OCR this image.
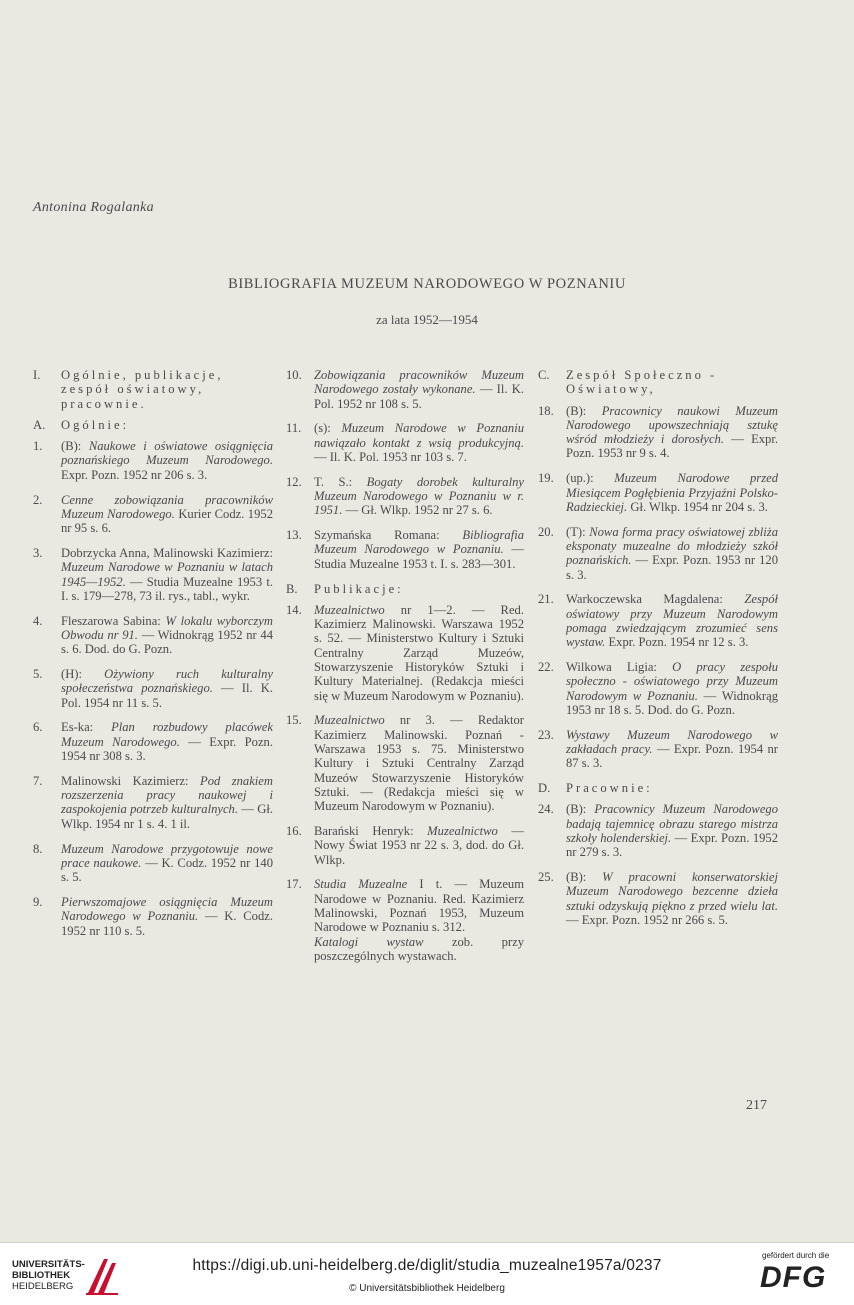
Antonina Rogalanka
BIBLIOGRAFIA MUZEUM NARODOWEGO W POZNANIU
za lata 1952—1954
I. Ogólnie, publikacje, zespół oświatowy, pracownie.
A. Ogólnie:
1. (B): Naukowe i oświatowe osiągnięcia poznańskiego Muzeum Narodowego. Expr. Pozn. 1952 nr 206 s. 3.
2. Cenne zobowiązania pracowników Muzeum Narodowego. Kurier Codz. 1952 nr 95 s. 6.
3. Dobrzycka Anna, Malinowski Kazimierz: Muzeum Narodowe w Poznaniu w latach 1945—1952. — Studia Muzealne 1953 t. I. s. 179—278, 73 il. rys., tabl., wykr.
4. Fleszarowa Sabina: W lokalu wyborczym Obwodu nr 91. — Widnokrąg 1952 nr 44 s. 6. Dod. do G. Pozn.
5. (H): Ożywiony ruch kulturalny społeczeństwa poznańskiego. — Il. K. Pol. 1954 nr 11 s. 5.
6. Es-ka: Plan rozbudowy placówek Muzeum Narodowego. — Expr. Pozn. 1954 nr 308 s. 3.
7. Malinowski Kazimierz: Pod znakiem rozszerzenia pracy naukowej i zaspokojenia potrzeb kulturalnych. — Gł. Wlkp. 1954 nr 1 s. 4. 1 il.
8. Muzeum Narodowe przygotowuje nowe prace naukowe. — K. Codz. 1952 nr 140 s. 5.
9. Pierwszomajowe osiągnięcia Muzeum Narodowego w Poznaniu. — K. Codz. 1952 nr 110 s. 5.
10. Zobowiązania pracowników Muzeum Narodowego zostały wykonane. — Il. K. Pol. 1952 nr 108 s. 5.
11. (s): Muzeum Narodowe w Poznaniu nawiązało kontakt z wsią produkcyjną. — Il. K. Pol. 1953 nr 103 s. 7.
12. T. S.: Bogaty dorobek kulturalny Muzeum Narodowego w Poznaniu w r. 1951. — Gł. Wlkp. 1952 nr 27 s. 6.
13. Szymańska Romana: Bibliografia Muzeum Narodowego w Poznaniu. — Studia Muzealne 1953 t. I. s. 283—301.
B. Publikacje:
14. Muzealnictwo nr 1—2. — Red. Kazimierz Malinowski. Warszawa 1952 s. 52. — Ministerstwo Kultury i Sztuki Centralny Zarząd Muzeów, Stowarzyszenie Historyków Sztuki i Kultury Materialnej. (Redakcja mieści się w Muzeum Narodowym w Poznaniu).
15. Muzealnictwo nr 3. — Redaktor Kazimierz Malinowski. Poznań - Warszawa 1953 s. 75. Ministerstwo Kultury i Sztuki Centralny Zarząd Muzeów Stowarzyszenie Historyków Sztuki. — (Redakcja mieści się w Muzeum Narodowym w Poznaniu).
16. Barański Henryk: Muzealnictwo — Nowy Świat 1953 nr 22 s. 3, dod. do Gł. Wlkp.
17. Studia Muzealne I t. — Muzeum Narodowe w Poznaniu. Red. Kazimierz Malinowski, Poznań 1953, Muzeum Narodowe w Poznaniu s. 312.
Katalogi wystaw zob. przy poszczególnych wystawach.
C. Zespół Społeczno - Oświatowy,
18. (B): Pracownicy naukowi Muzeum Narodowego upowszechniają sztukę wśród młodzieży i dorosłych. — Expr. Pozn. 1953 nr 9 s. 4.
19. (up.): Muzeum Narodowe przed Miesiącem Pogłębienia Przyjaźni Polsko-Radzieckiej. Gł. Wlkp. 1954 nr 204 s. 3.
20. (T): Nowa forma pracy oświatowej zbliża eksponaty muzealne do młodzieży szkół poznańskich. — Expr. Pozn. 1953 nr 120 s. 3.
21. Warkoczewska Magdalena: Zespół oświatowy przy Muzeum Narodowym pomaga zwiedzającym zrozumieć sens wystaw. Expr. Pozn. 1954 nr 12 s. 3.
22. Wilkowa Ligia: O pracy zespołu społeczno - oświatowego przy Muzeum Narodowym w Poznaniu. — Widnokrąg 1953 nr 18 s. 5. Dod. do G. Pozn.
23. Wystawy Muzeum Narodowego w zakładach pracy. — Expr. Pozn. 1954 nr 87 s. 3.
D. Pracownie:
24. (B): Pracownicy Muzeum Narodowego badają tajemnicę obrazu starego mistrza szkoły holenderskiej. — Expr. Pozn. 1952 nr 279 s. 3.
25. (B): W pracowni konserwatorskiej Muzeum Narodowego bezcenne dzieła sztuki odzyskują piękno z przed wielu lat. — Expr. Pozn. 1952 nr 266 s. 5.
217
UNIVERSITÄTS-
BIBLIOTHEK
HEIDELBERG
https://digi.ub.uni-heidelberg.de/diglit/studia_muzealne1957a/0237
© Universitätsbibliothek Heidelberg
gefördert durch die
DFG
